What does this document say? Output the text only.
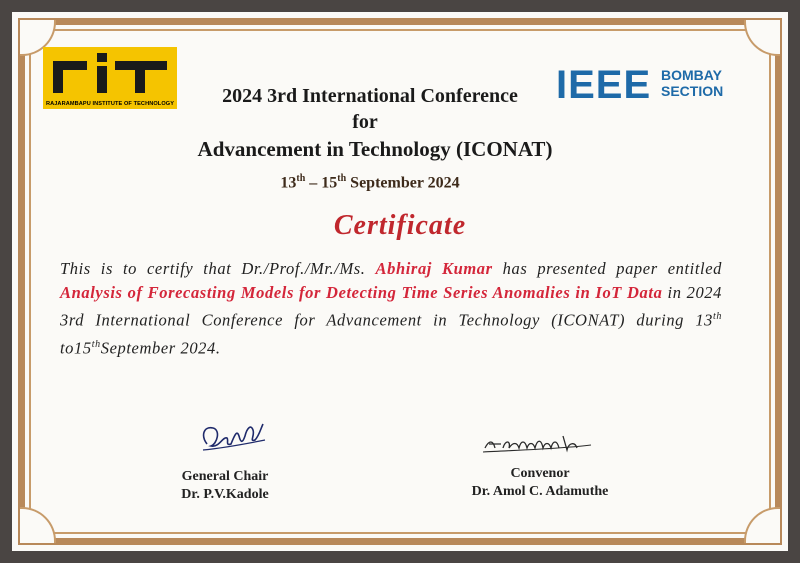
RAJARAMBAPU INSTITUTE OF TECHNOLOGY	IEEE BOMBAY
SECTION
2024 3rd International Conference
for
Advancement in Technology (ICONAT)
13th – 15th September 2024
Certificate
This is to certify that Dr./Prof./Mr./Ms. Abhiraj Kumar has presented paper entitled Analysis of Forecasting Models for Detecting Time Series Anomalies in IoT Data in 2024 3rd International Conference for Advancement in Technology (ICONAT) during 13th to15thSeptember 2024.
General Chair
Dr. P.V.Kadole
Convenor
Dr. Amol C. Adamuthe
